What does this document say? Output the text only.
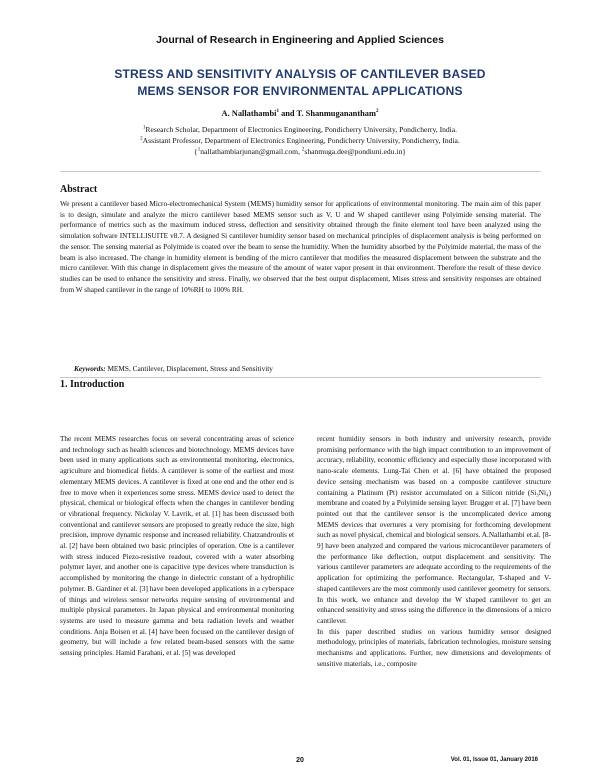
Journal of Research in Engineering and Applied Sciences
STRESS AND SENSITIVITY ANALYSIS OF CANTILEVER BASED
MEMS SENSOR FOR ENVIRONMENTAL APPLICATIONS
A. Nallathambi$^1$ and T. Shanmuganantham$^2$
$^1$Research Scholar, Department of Electronics Engineering, Pondicherry University, Pondicherry, India.
$^2$Assistant Professor, Department of Electronics Engineering, Pondicherry University, Pondicherry, India.
{$^1$nallathambiarjunan@gmail.com, $^2$shanmuga.dee@pondiuni.edu.in}
Abstract
We present a cantilever based Micro-electromechanical System (MEMS) humidity sensor for applications of environmental monitoring. The main aim of this paper is to design, simulate and analyze the micro cantilever based MEMS sensor such as V, U and W shaped cantilever using Polyimide sensing material. The performance of metrics such as the maximum induced stress, deflection and sensitivity obtained through the finite element tool have been analyzed using the simulation software INTELLISUITE v8.7. A designed Si cantilever humidity sensor based on mechanical principles of displacement analysis is being performed on the sensor. The sensing material as Polyimide is coated over the beam to sense the humidity. When the humidity absorbed by the Polyimide material, the mass of the beam is also increased. The change in humidity element is bending of the micro cantilever that modifies the measured displacement between the substrate and the micro cantilever. With this change in displacement gives the measure of the amount of water vapor present in that environment. Therefore the result of these device studies can be used to enhance the sensitivity and stress. Finally, we observed that the best output displacement, Mises stress and sensitivity responses are obtained from W shaped cantilever in the range of 10%RH to 100% RH.
Keywords: MEMS, Cantilever, Displacement, Stress and Sensitivity
1. Introduction
The recent MEMS researches focus on several concentrating areas of science and technology such as health sciences and biotechnology. MEMS devices have been used in many applications such as environmental monitoring, electronics, agriculture and biomedical fields. A cantilever is some of the earliest and most elementary MEMS devices. A cantilever is fixed at one end and the other end is free to move when it experiences some stress. MEMS device used to detect the physical, chemical or biological effects when the changes in cantilever bending or vibrational frequency. Nickolay V. Lavrik, et al. [1] has been discussed both conventional and cantilever sensors are proposed to greatly reduce the size, high precision, improve dynamic response and increased reliability. Chatzandroulis et al. [2] have been obtained two basic principles of operation. One is a cantilever with stress induced Piezo-resistive readout, covered with a water absorbing polymer layer, and another one is capacitive type devices where transduction is accomplished by monitoring the change in dielectric constant of a hydrophilic polymer. B. Gardiner et al. [3] have been developed applications in a cyberspace of things and wireless sensor networks require sensing of environmental and multiple physical parameters. In Japan physical and environmental monitoring systems are used to measure gamma and beta radiation levels and weather conditions. Anja Boisen et al. [4] have been focused on the cantilever design of geometry, but will include a few related beam-based sensors with the same sensing principles. Hamid Farahani, et al. [5] was developed
recent humidity sensors in both industry and university research, provide promising performance with the high impact contribution to an improvement of accuracy, reliability, economic efficiency and especially those incorporated with nano-scale elements. Lung-Tai Chen et al. [6] have obtained the proposed device sensing mechanism was based on a composite cantilever structure containing a Platinum (Pt) resistor accumulated on a Silicon nitride (Si₃Ni₄) membrane and coated by a Polyimide sensing layer. Brugger et al. [7] have been pointed out that the cantilever sensor is the uncomplicated device among MEMS devices that overtures a very promising for forthcoming development such as novel physical, chemical and biological sensors. A.Nallathambi et.al. [8-9] have been analyzed and compared the various microcantilever parameters of the performance like deflection, output displacement and sensitivity. The various cantilever parameters are adequate according to the requirements of the application for optimizing the performance. Rectangular, T-shaped and V-shaped cantilevers are the most commonly used cantilever geometry for sensors. In this work, we enhance and develop the W shaped cantilever to get an enhanced sensitivity and stress using the difference in the dimensions of a micro cantilever.
In this paper described studies on various humidity sensor designed methodology, principles of materials, fabrication technologies, moisture sensing mechanisms and applications. Further, new dimensions and developments of sensitive materials, i.e., composite
20	Vol. 01, Issue 01, January 2016
